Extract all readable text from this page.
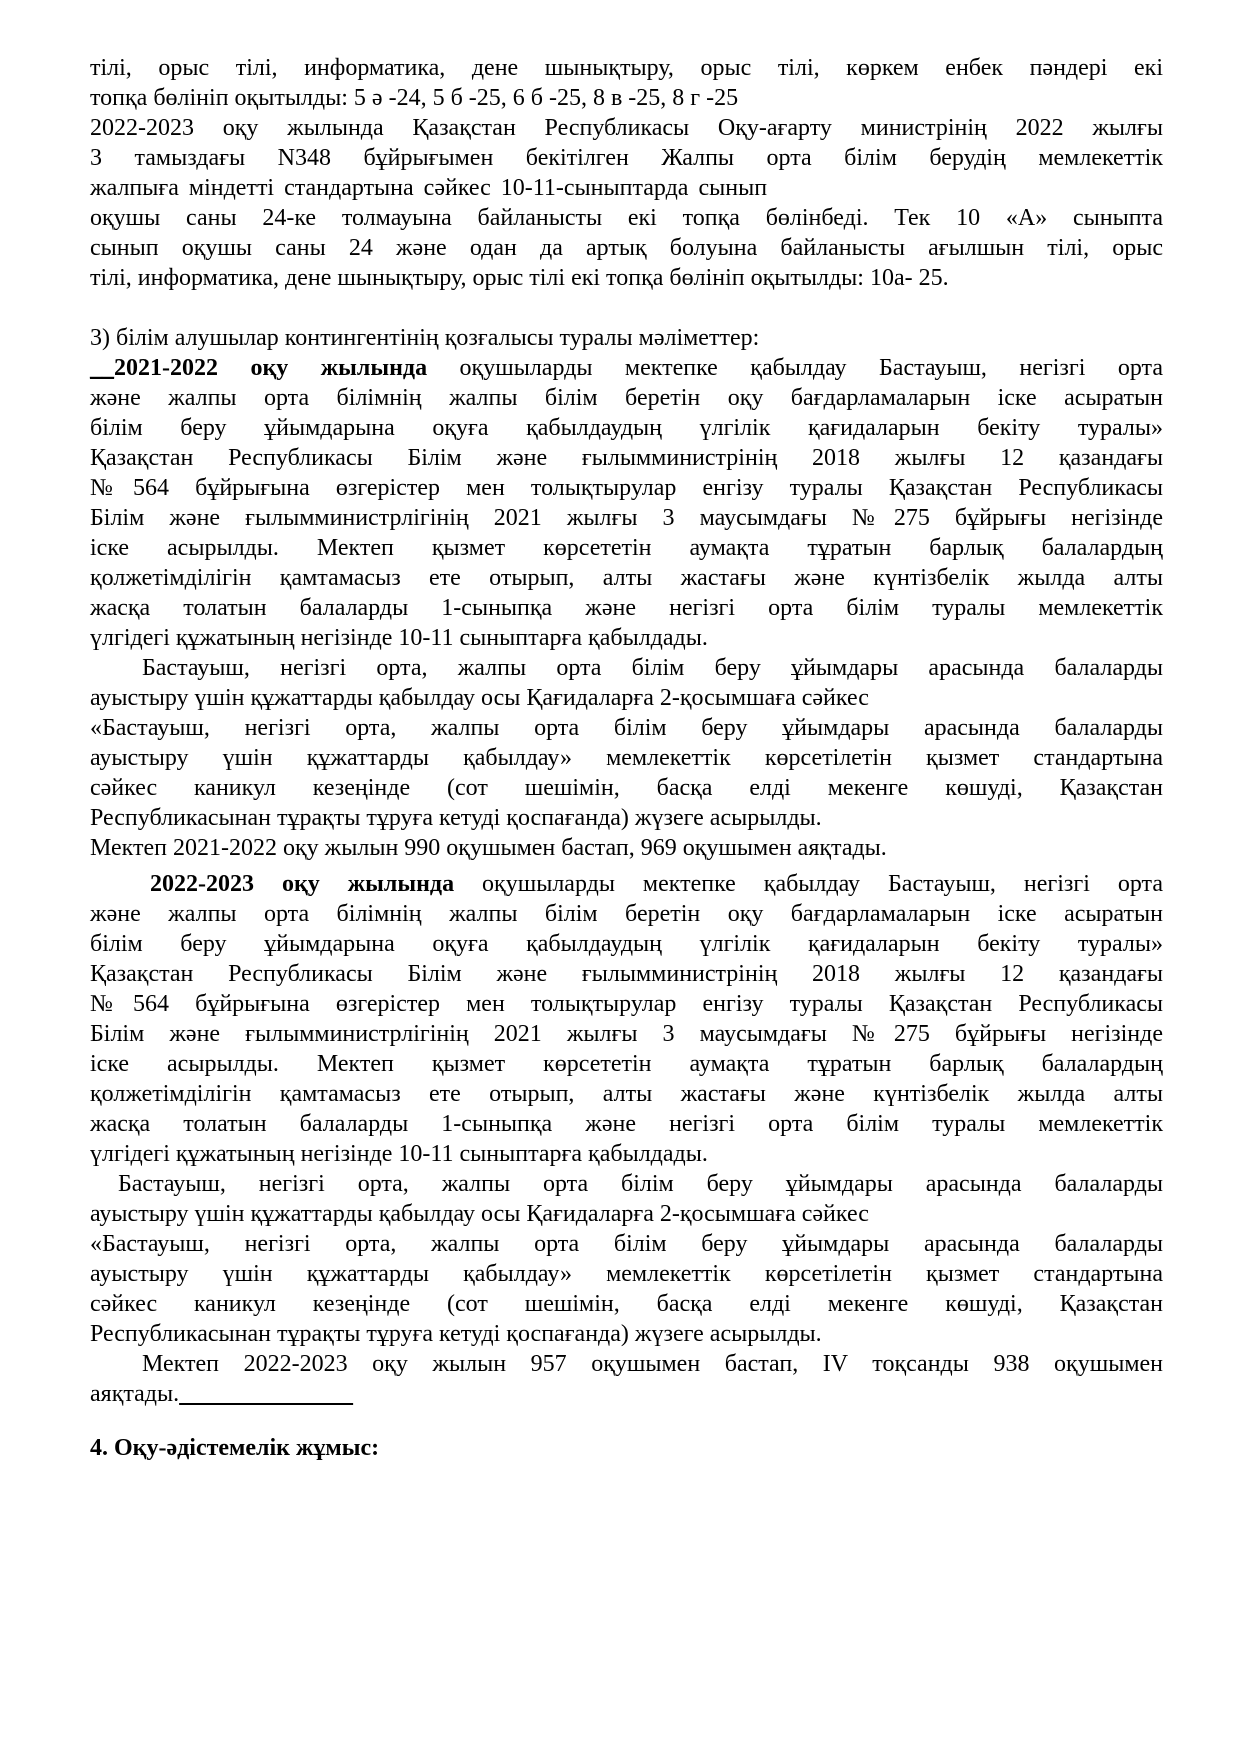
тілі, орыс тілі, информатика, дене шынықтыру, орыс тілі, көркем енбек пәндері екі
топқа бөлініп оқытылды: 5 ә -24, 5 б -25, 6 б -25, 8 в -25, 8 г -25
2022-2023 оқу жылында Қазақстан Республикасы Оқу-ағарту министрінің 2022 жылғы
3 тамыздағы N348 бұйрығымен бекітілген Жалпы орта білім берудің мемлекеттік
жалпыға міндетті стандартына сәйкес 10-11-сыныптарда сынып
оқушы саны 24-ке толмауына байланысты екі топқа бөлінбеді. Тек 10 «А» сыныпта
сынып оқушы саны 24 және одан да артық болуына байланысты ағылшын тілі, орыс
тілі, информатика, дене шынықтыру, орыс тілі екі топқа бөлініп оқытылды: 10а- 25.
3) білім алушылар контингентінің қозғалысы туралы мәліметтер:
__2021-2022 оқу жылында оқушыларды мектепке қабылдау Бастауыш, негізгі орта
және жалпы орта білімнің жалпы білім беретін оқу бағдарламаларын іске асыратын
білім беру ұйымдарына оқуға қабылдаудың үлгілік қағидаларын бекіту туралы»
Қазақстан Республикасы Білім және ғылымминистрінің 2018 жылғы 12 қазандағы
№564 бұйрығына өзгерістер мен толықтырулар енгізу туралы Қазақстан Республикасы
Білім және ғылымминистрлігінің 2021 жылғы 3 маусымдағы №275 бұйрығы негізінде
іске асырылды. Мектеп қызмет көрсететін аумақта тұратын барлық балалардың
қолжетімділігін қамтамасыз ете отырып, алты жастағы және күнтізбелік жылда алты
жасқа толатын балаларды 1-сыныпқа және негізгі орта білім туралы мемлекеттік
үлгідегі құжатының негізінде 10-11 сыныптарға қабылдады.
Бастауыш, негізгі орта, жалпы орта білім беру ұйымдары арасында балаларды
ауыстыру үшін құжаттарды қабылдау осы Қағидаларға 2-қосымшаға сәйкес
«Бастауыш, негізгі орта, жалпы орта білім беру ұйымдары арасында балаларды
ауыстыру үшін құжаттарды қабылдау» мемлекеттік көрсетілетін қызмет стандартына
сәйкес каникул кезеңінде (сот шешімін, басқа елді мекенге көшуді, Қазақстан
Республикасынан тұрақты тұруға кетуді қоспағанда) жүзеге асырылды.
Мектеп 2021-2022 оқу жылын 990 оқушымен бастап, 969 оқушымен аяқтады.
2022-2023 оқу жылында оқушыларды мектепке қабылдау Бастауыш, негізгі орта
және жалпы орта білімнің жалпы білім беретін оқу бағдарламаларын іске асыратын
білім беру ұйымдарына оқуға қабылдаудың үлгілік қағидаларын бекіту туралы»
Қазақстан Республикасы Білім және ғылымминистрінің 2018 жылғы 12 қазандағы
№564 бұйрығына өзгерістер мен толықтырулар енгізу туралы Қазақстан Республикасы
Білім және ғылымминистрлігінің 2021 жылғы 3 маусымдағы №275 бұйрығы негізінде
іске асырылды. Мектеп қызмет көрсететін аумақта тұратын барлық балалардың
қолжетімділігін қамтамасыз ете отырып, алты жастағы және күнтізбелік жылда алты
жасқа толатын балаларды 1-сыныпқа және негізгі орта білім туралы мемлекеттік
үлгідегі құжатының негізінде 10-11 сыныптарға қабылдады.
Бастауыш, негізгі орта, жалпы орта білім беру ұйымдары арасында балаларды
ауыстыру үшін құжаттарды қабылдау осы Қағидаларға 2-қосымшаға сәйкес
«Бастауыш, негізгі орта, жалпы орта білім беру ұйымдары арасында балаларды
ауыстыру үшін құжаттарды қабылдау» мемлекеттік көрсетілетін қызмет стандартына
сәйкес каникул кезеңінде (сот шешімін, басқа елді мекенге көшуді, Қазақстан
Республикасынан тұрақты тұруға кетуді қоспағанда) жүзеге асырылды.
Мектеп 2022-2023 оқу жылын 957 оқушымен бастап, IV тоқсанды 938 оқушымен
аяқтады.
4. Оқу-әдістемелік жұмыс:
